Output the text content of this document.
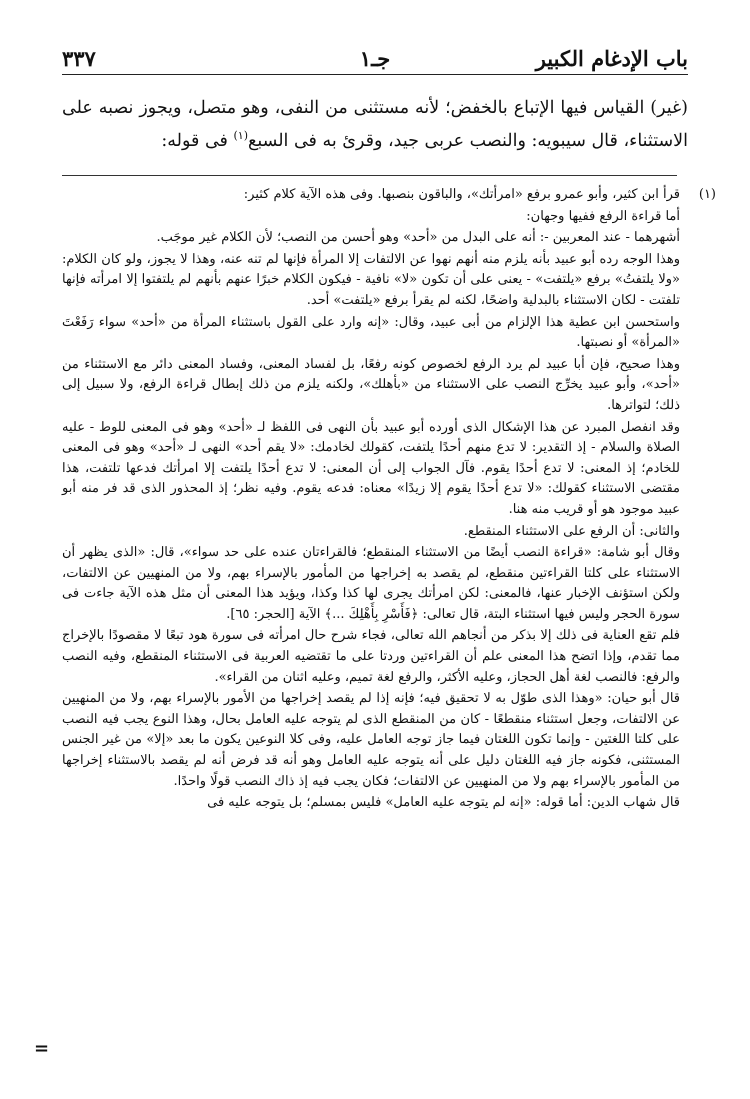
باب الإدغام الكبير
جـ١
٣٣٧
(غير) القياس فيها الإتباع بالخفض؛ لأنه مستثنى من النفى، وهو متصل، ويجوز نصبه على الاستثناء، قال سيبويه: والنصب عربى جيد، وقرئ به فى السبع$^{(١)}$ فى قوله:
(١)

قرأ ابن كثير، وأبو عمرو برفع «امرأتك»، والباقون بنصبها. وفى هذه الآية كلام كثير:

أما قراءة الرفع ففيها وجهان:

أشهرهما - عند المعربين -: أنه على البدل من «أحد» وهو أحسن من النصب؛ لأن الكلام غير موجَب.

وهذا الوجه رده أبو عبيد بأنه يلزم منه أنهم نهوا عن الالتفات إلا المرأة فإنها لم تنه عنه، وهذا لا يجوز، ولو كان الكلام: «ولا يلتفتُ» برفع «يلتفت» - يعنى على أن تكون «لا» نافية - فيكون الكلام خبرًا عنهم بأنهم لم يلتفتوا إلا امرأته فإنها تلفتت - لكان الاستثناء بالبدلية واضحًا، لكنه لم يقرأ برفع «يلتفت» أحد.

واستحسن ابن عطية هذا الإلزام من أبى عبيد، وقال: «إنه وارد على القول باستثناء المرأة من «أحد» سواء رَفَعْتَ «المرأة» أو نصبتها.

وهذا صحيح، فإن أبا عبيد لم يرد الرفع لخصوص كونه رفعًا، بل لفساد المعنى، وفساد المعنى دائر مع الاستثناء من «أحد»، وأبو عبيد يخرِّج النصب على الاستثناء من «بأهلك»، ولكنه يلزم من ذلك إبطال قراءة الرفع، ولا سبيل إلى ذلك؛ لتواترها.

وقد انفصل المبرد عن هذا الإشكال الذى أورده أبو عبيد بأن النهى فى اللفظ لـ «أحد» وهو فى المعنى للوط - عليه الصلاة والسلام - إذ التقدير: لا تدع منهم أحدًا يلتفت، كقولك لخادمك: «لا يقم أحد» النهى لـ «أحد» وهو فى المعنى للخادم؛ إذ المعنى: لا تدع أحدًا يقوم. فآل الجواب إلى أن المعنى: لا تدع أحدًا يلتفت إلا امرأتك فدعها تلتفت، هذا مقتضى الاستثناء كقولك: «لا تدع أحدًا يقوم إلا زيدًا» معناه: فدعه يقوم. وفيه نظر؛ إذ المحذور الذى قد فر منه أبو عبيد موجود هو أو قريب منه هنا.

والثانى: أن الرفع على الاستثناء المنقطع.

وقال أبو شامة: «قراءة النصب أيضًا من الاستثناء المنقطع؛ فالقراءتان عنده على حد سواء»، قال: «الذى يظهر أن الاستثناء على كلتا القراءتين منقطع، لم يقصد به إخراجها من المأمور بالإسراء بهم، ولا من المنهيين عن الالتفات، ولكن استؤنف الإخبار عنها، فالمعنى: لكن امرأتك يجرى لها كذا وكذا، ويؤيد هذا المعنى أن مثل هذه الآية جاءت فى سورة الحجر وليس فيها استثناء البتة، قال تعالى: ﴿فَأَسْرِ بِأَهْلِكَ ...﴾ الآية [الحجر: ٦٥].

فلم تقع العناية فى ذلك إلا بذكر من أنجاهم الله تعالى، فجاء شرح حال امرأته فى سورة هود تبعًا لا مقصودًا بالإخراج مما تقدم، وإذا اتضح هذا المعنى علم أن القراءتين وردتا على ما تقتضيه العربية فى الاستثناء المنقطع، وفيه النصب والرفع: فالنصب لغة أهل الحجاز، وعليه الأكثر، والرفع لغة تميم، وعليه اثنان من القراء».

قال أبو حيان: «وهذا الذى طوّل به لا تحقيق فيه؛ فإنه إذا لم يقصد إخراجها من الأمور بالإسراء بهم، ولا من المنهيين عن الالتفات، وجعل استثناء منقطعًا - كان من المنقطع الذى لم يتوجه عليه العامل بحال، وهذا النوع يجب فيه النصب على كلتا اللغتين - وإنما تكون اللغتان فيما جاز توجه العامل عليه، وفى كلا النوعين يكون ما بعد «إلا» من غير الجنس المستثنى، فكونه جاز فيه اللغتان دليل على أنه يتوجه عليه العامل وهو أنه قد فرض أنه لم يقصد بالاستثناء إخراجها من المأمور بالإسراء بهم ولا من المنهيين عن الالتفات؛ فكان يجب فيه إذ ذاك النصب قولًا واحدًا.

قال شهاب الدين: أما قوله: «إنه لم يتوجه عليه العامل» فليس بمسلم؛ بل يتوجه عليه فى

=
